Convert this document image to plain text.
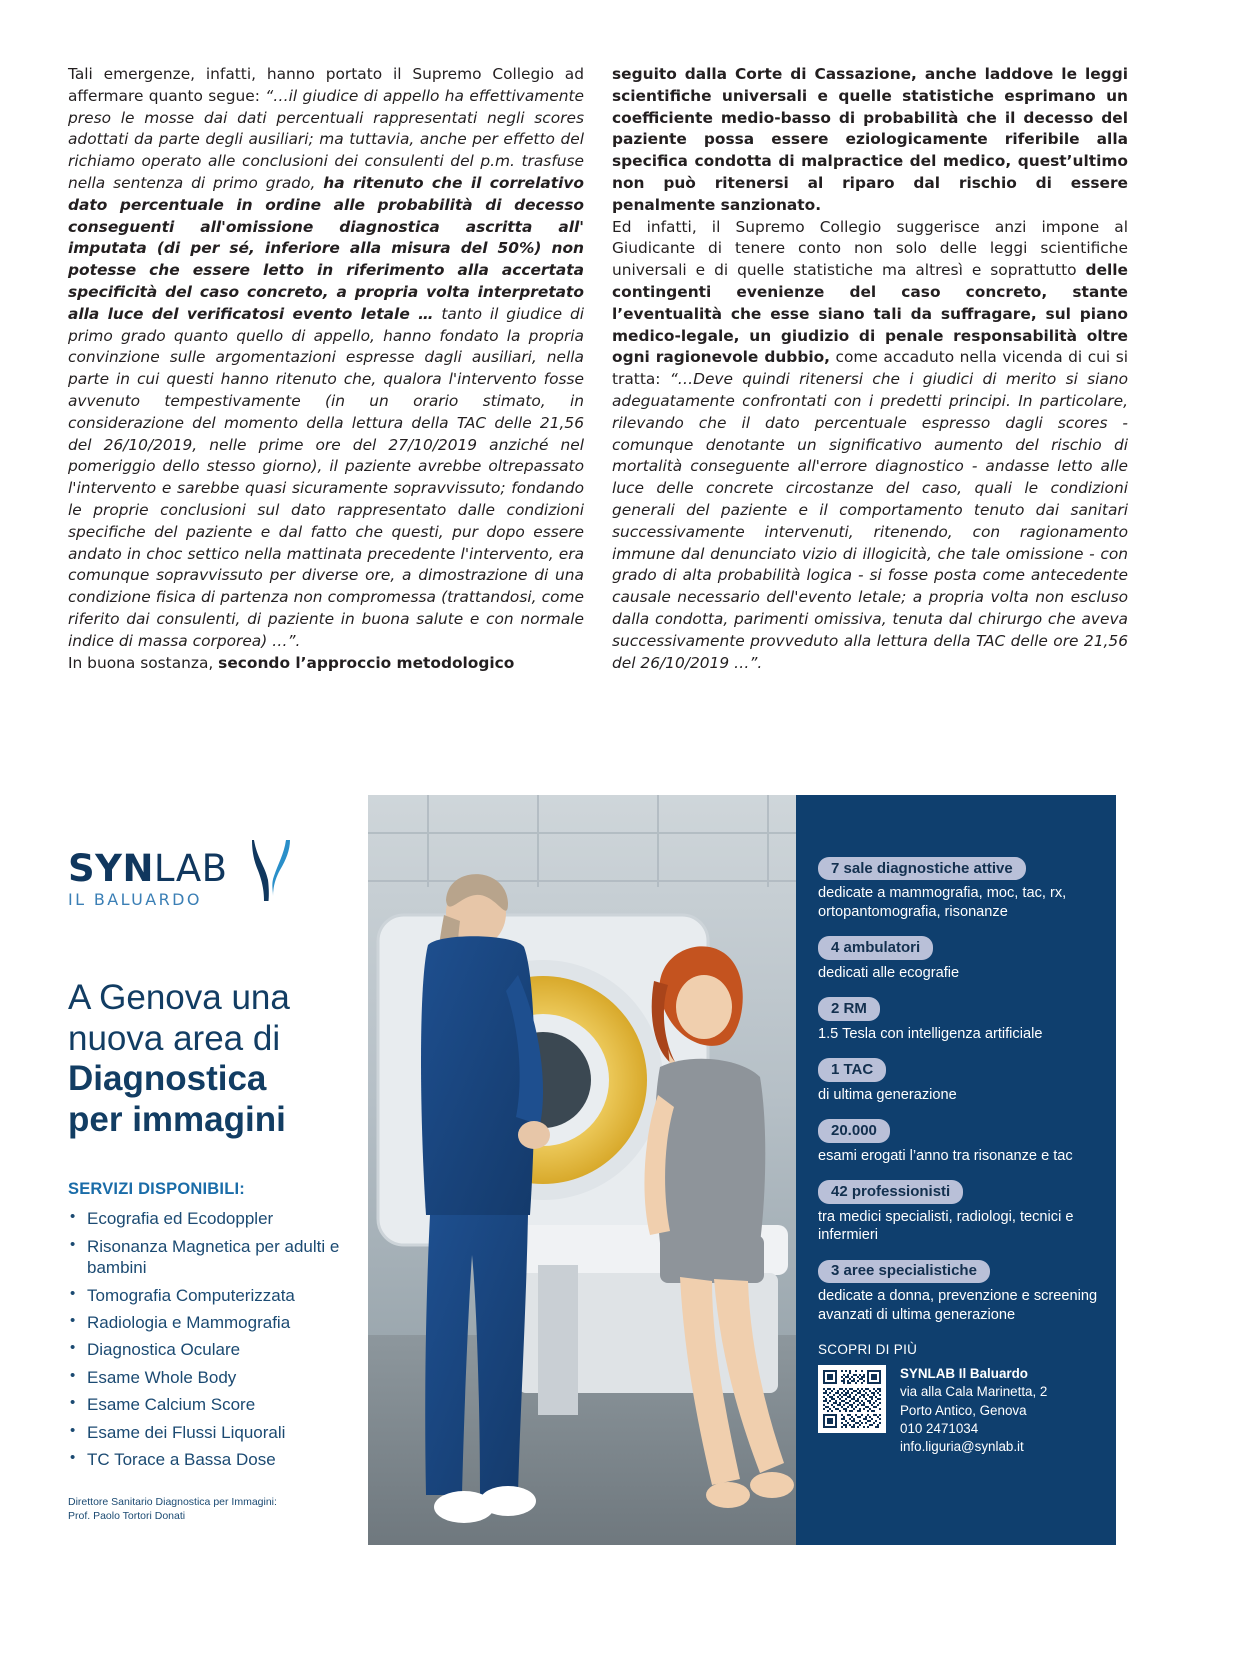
Tali emergenze, infatti, hanno portato il Supremo Collegio ad affermare quanto segue: “…il giudice di appello ha effettivamente preso le mosse dai dati percentuali rappresentati negli scores adottati da parte degli ausiliari; ma tuttavia, anche per effetto del richiamo operato alle conclusioni dei consulenti del p.m. trasfuse nella sentenza di primo grado, ha ritenuto che il correlativo dato percentuale in ordine alle probabilità di decesso conseguenti all'omissione diagnostica ascritta all' imputata (di per sé, inferiore alla misura del 50%) non potesse che essere letto in riferimento alla accertata specificità del caso concreto, a propria volta interpretato alla luce del verificatosi evento letale … tanto il giudice di primo grado quanto quello di appello, hanno fondato la propria convinzione sulle argomentazioni espresse dagli ausiliari, nella parte in cui questi hanno ritenuto che, qualora l'intervento fosse avvenuto tempestivamente (in un orario stimato, in considerazione del momento della lettura della TAC delle 21,56 del 26/10/2019, nelle prime ore del 27/10/2019 anziché nel pomeriggio dello stesso giorno), il paziente avrebbe oltrepassato l'intervento e sarebbe quasi sicuramente sopravvissuto; fondando le proprie conclusioni sul dato rappresentato dalle condizioni specifiche del paziente e dal fatto che questi, pur dopo essere andato in choc settico nella mattinata precedente l'intervento, era comunque sopravvissuto per diverse ore, a dimostrazione di una condizione fisica di partenza non compromessa (trattandosi, come riferito dai consulenti, di paziente in buona salute e con normale indice di massa corporea) …”.

In buona sostanza, secondo l’approccio metodologico

seguito dalla Corte di Cassazione, anche laddove le leggi scientifiche universali e quelle statistiche esprimano un coefficiente medio-basso di probabilità che il decesso del paziente possa essere eziologicamente riferibile alla specifica condotta di malpractice del medico, quest’ultimo non può ritenersi al riparo dal rischio di essere penalmente sanzionato.

Ed infatti, il Supremo Collegio suggerisce anzi impone al Giudicante di tenere conto non solo delle leggi scientifiche universali e di quelle statistiche ma altresì e soprattutto delle contingenti evenienze del caso concreto, stante l’eventualità che esse siano tali da suffragare, sul piano medico-legale, un giudizio di penale responsabilità oltre ogni ragionevole dubbio, come accaduto nella vicenda di cui si tratta: “…Deve quindi ritenersi che i giudici di merito si siano adeguatamente confrontati con i predetti principi. In particolare, rilevando che il dato percentuale espresso dagli scores -comunque denotante un significativo aumento del rischio di mortalità conseguente all'errore diagnostico - andasse letto alle luce delle concrete circostanze del caso, quali le condizioni generali del paziente e il comportamento tenuto dai sanitari successivamente intervenuti, ritenendo, con ragionamento immune dal denunciato vizio di illogicità, che tale omissione - con grado di alta probabilità logica - si fosse posta come antecedente causale necessario dell'evento letale; a propria volta non escluso dalla condotta, parimenti omissiva, tenuta dal chirurgo che aveva successivamente provveduto alla lettura della TAC delle ore 21,56 del 26/10/2019 …”.

SYNLAB
IL BALUARDO
A Genova una
nuova area di
Diagnostica
per immagini
SERVIZI DISPONIBILI:
• Ecografia ed Ecodoppler
• Risonanza Magnetica per adulti e bambini
• Tomografia Computerizzata
• Radiologia e Mammografia
• Diagnostica Oculare
• Esame Whole Body
• Esame Calcium Score
• Esame dei Flussi Liquorali
• TC Torace a Bassa Dose
Direttore Sanitario Diagnostica per Immagini:
Prof. Paolo Tortori Donati
7 sale diagnostiche attive
dedicate a mammografia, moc, tac, rx, ortopantomografia, risonanze
4 ambulatori
dedicati alle ecografie
2 RM
1.5 Tesla con intelligenza artificiale
1 TAC
di ultima generazione
20.000
esami erogati l’anno tra risonanze e tac
42 professionisti
tra medici specialisti, radiologi, tecnici e infermieri
3 aree specialistiche
dedicate a donna, prevenzione e screening avanzati di ultima generazione
SCOPRI DI PIÙ
SYNLAB Il Baluardo
via alla Cala Marinetta, 2
Porto Antico, Genova
010 2471034
info.liguria@synlab.it
